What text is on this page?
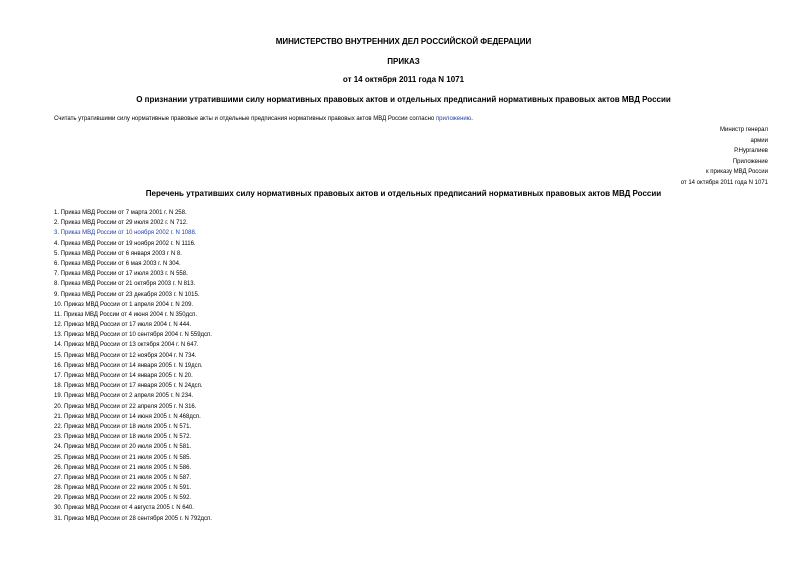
МИНИСТЕРСТВО ВНУТРЕННИХ ДЕЛ РОССИЙСКОЙ ФЕДЕРАЦИИ
ПРИКАЗ
от 14 октября 2011 года N 1071
О признании утратившими силу нормативных правовых актов и отдельных предписаний нормативных правовых актов МВД России
Считать утратившими силу нормативные правовые акты и отдельные предписания нормативных правовых актов МВД России согласно приложению.
Министр генерал
армии
Р.Нургалиев
Приложение
к приказу МВД России
от 14 октября 2011 года N 1071
Перечень утративших силу нормативных правовых актов и отдельных предписаний нормативных правовых актов МВД России
1. Приказ МВД России от 7 марта 2001 г. N 258.
2. Приказ МВД России от 29 июля 2002 г. N 712.
3. Приказ МВД России от 10 ноября 2002 г. N 1088.
4. Приказ МВД России от 19 ноября 2002 г. N 1116.
5. Приказ МВД России от 6 января 2003 г N 8.
6. Приказ МВД России от 6 мая 2003 г. N 304.
7. Приказ МВД России от 17 июля 2003 г. N 558.
8. Приказ МВД России от 21 октября 2003 г. N 813.
9. Приказ МВД России от 23 декабря 2003 г. N 1015.
10. Приказ МВД России от 1 апреля 2004 г. N 209.
11. Приказ МВД России от 4 июня 2004 г. N 350дсп.
12. Приказ МВД России от 17 июля 2004 г. N 444.
13. Приказ МВД России от 10 сентября 2004 г. N 559дсп.
14. Приказ МВД России от 13 октября 2004 г. N 647.
15. Приказ МВД России от 12 ноября 2004 г. N 734.
16. Приказ МВД России от 14 января 2005 г. N 19дсп.
17. Приказ МВД России от 14 января 2005 г. N 20.
18. Приказ МВД России от 17 января 2005 г. N 24дсп.
19. Приказ МВД России от 2 апреля 2005 г. N 234.
20. Приказ МВД России от 22 апреля 2005 г. N 316.
21. Приказ МВД России от 14 июня 2005 г. N 468дсп.
22. Приказ МВД России от 18 июля 2005 г. N 571.
23. Приказ МВД России от 18 июля 2005 г. N 572.
24. Приказ МВД России от 20 июля 2005 г. N 581.
25. Приказ МВД России от 21 июля 2005 г. N 585.
26. Приказ МВД России от 21 июля 2005 г. N 586.
27. Приказ МВД России от 21 июля 2005 г. N 587.
28. Приказ МВД России от 22 июля 2005 г. N 591.
29. Приказ МВД России от 22 июля 2005 г. N 592.
30. Приказ МВД России от 4 августа 2005 г. N 640.
31. Приказ МВД России от 28 сентября 2005 г. N 792дсп.
